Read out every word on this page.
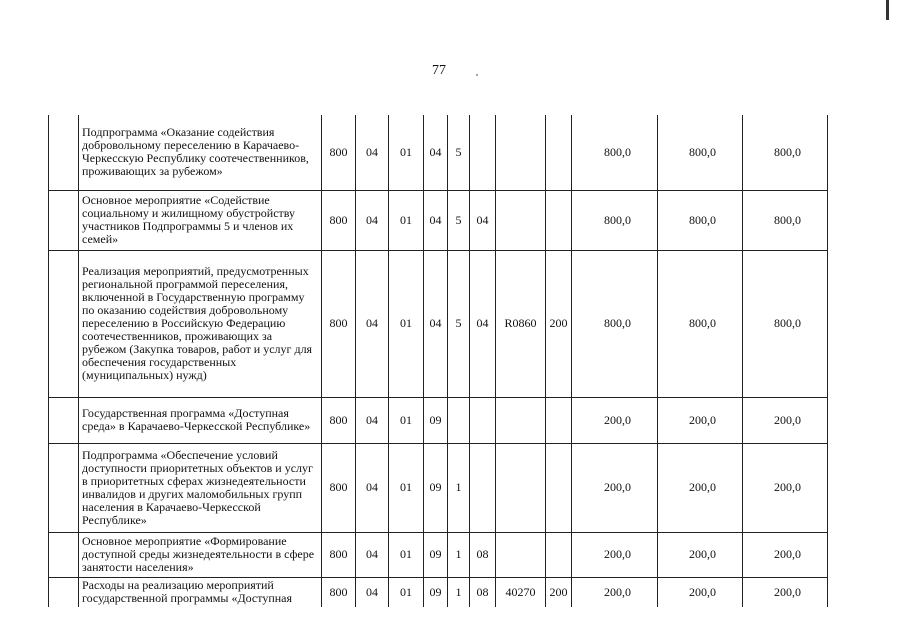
77
	Подпрограмма «Оказание содействия добровольному переселению в Карачаево-Черкесскую Республику соотечественников, проживающих за рубежом»	800	04	01	04	5				800,0	800,0	800,0
	Основное мероприятие «Содействие социальному и жилищному обустройству участников Подпрограммы 5 и членов их семей»	800	04	01	04	5	04			800,0	800,0	800,0
	Реализация мероприятий, предусмотренных региональной программой переселения, включенной в Государственную программу по оказанию содействия добровольному переселению в Российскую Федерацию соотечественников, проживающих за рубежом (Закупка товаров, работ и услуг для обеспечения государственных (муниципальных) нужд)	800	04	01	04	5	04	R0860	200	800,0	800,0	800,0
	Государственная программа «Доступная среда» в Карачаево-Черкесской Республике»	800	04	01	09					200,0	200,0	200,0
	Подпрограмма «Обеспечение условий доступности приоритетных объектов и услуг в приоритетных сферах жизнедеятельности инвалидов и других маломобильных групп населения в Карачаево-Черкесской Республике»	800	04	01	09	1				200,0	200,0	200,0
	Основное мероприятие «Формирование доступной среды жизнедеятельности в сфере занятости населения»	800	04	01	09	1	08			200,0	200,0	200,0
	Расходы на реализацию мероприятий государственной программы «Доступная	800	04	01	09	1	08	40270	200	200,0	200,0	200,0
